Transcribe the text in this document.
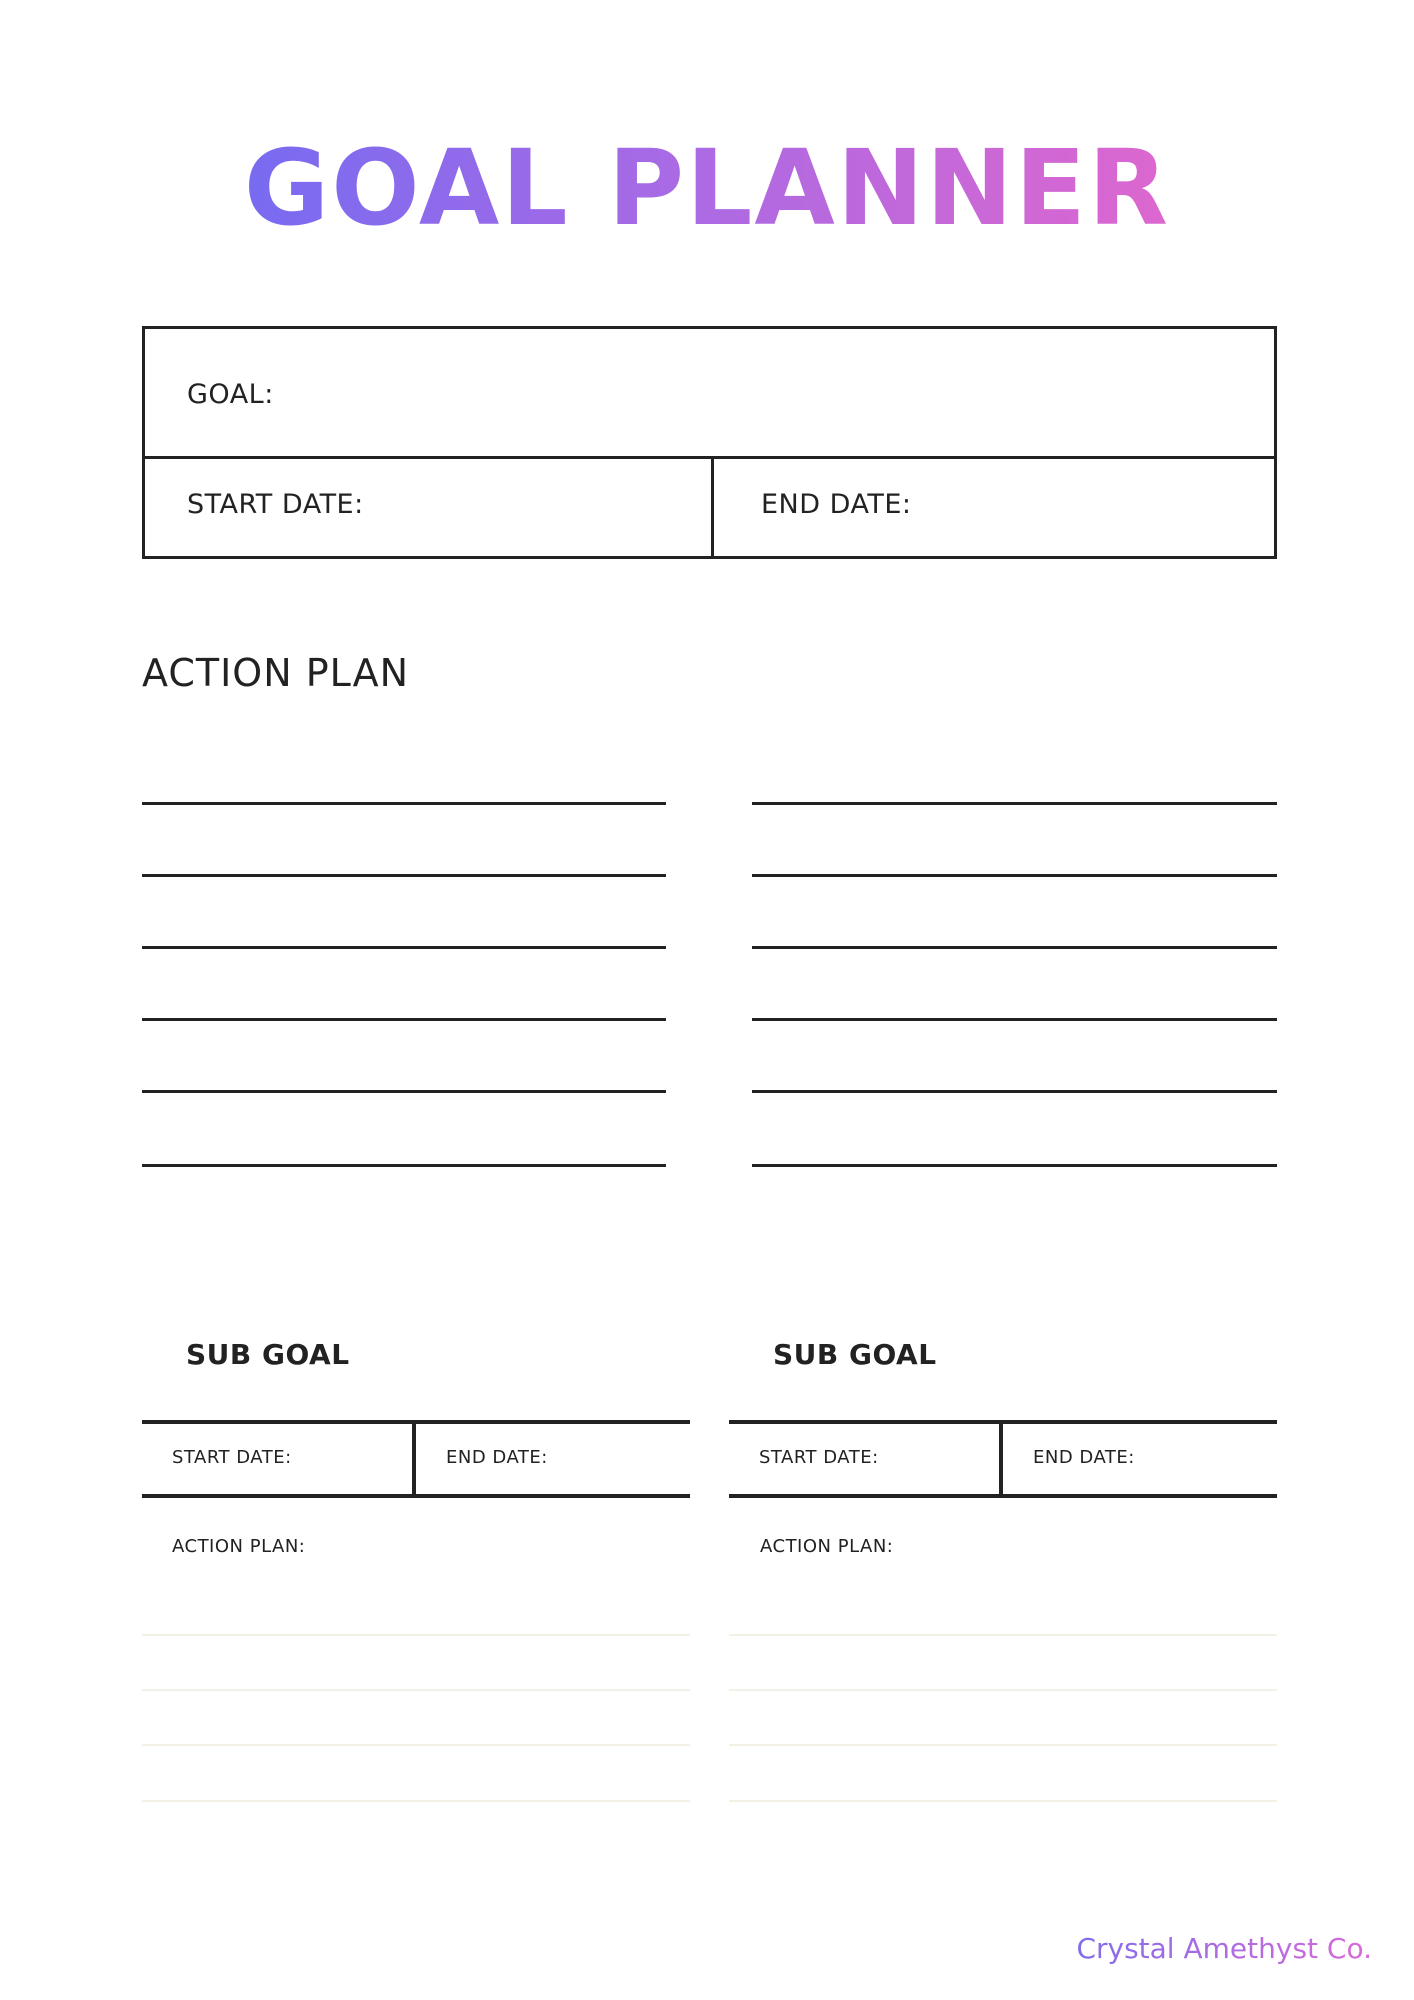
GOAL PLANNER
GOAL:
START DATE:	END DATE:
ACTION PLAN
SUB GOAL
START DATE:	END DATE:
ACTION PLAN:
SUB GOAL
START DATE:	END DATE:
ACTION PLAN:
Crystal Amethyst Co.
